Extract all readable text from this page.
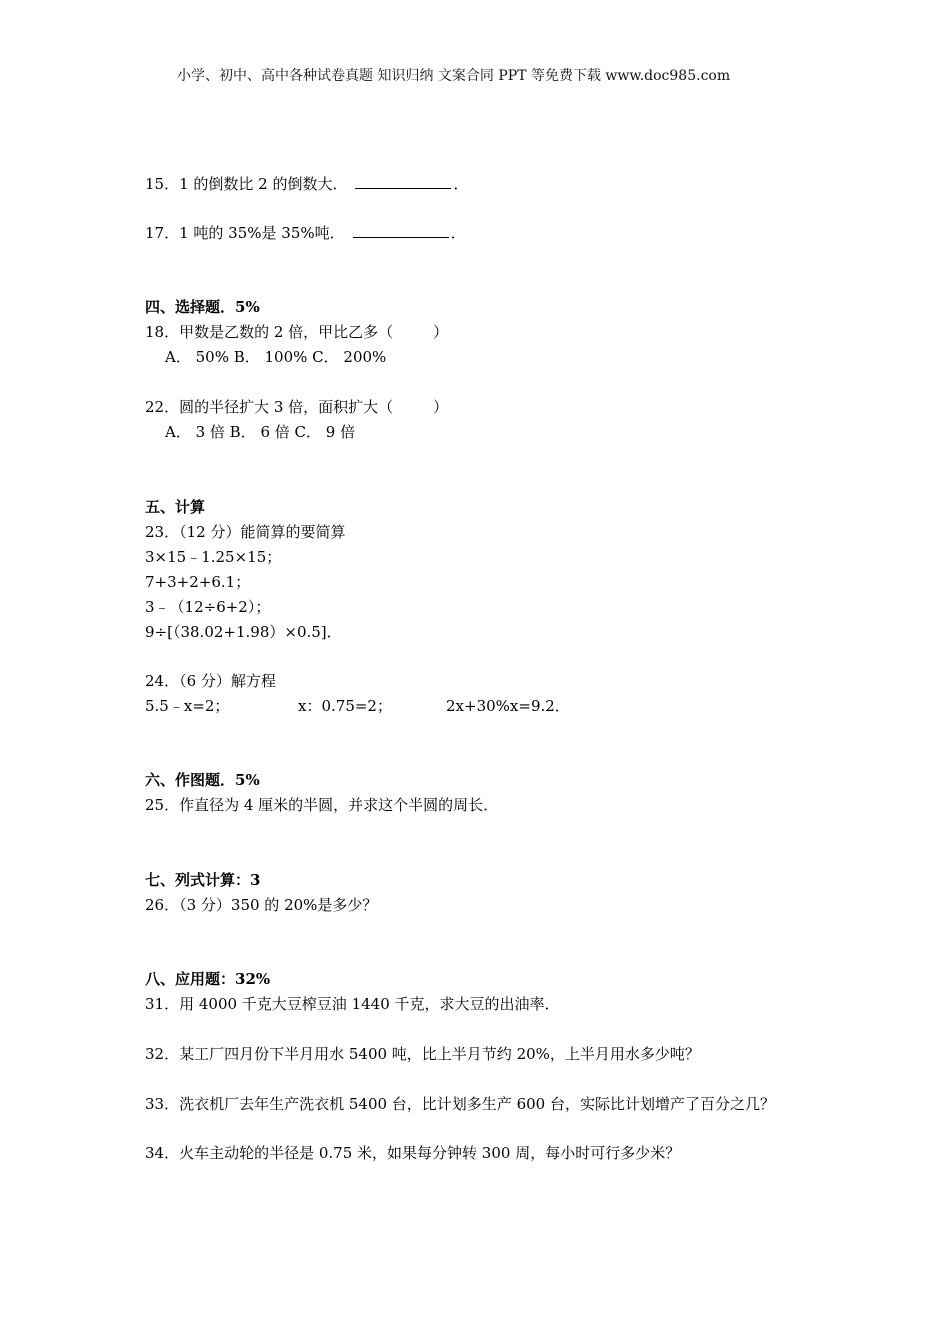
小学、初中、高中各种试卷真题 知识归纳 文案合同 PPT 等免费下载 www.doc985.com
15．1 的倒数比 2 的倒数大．	．
17．1 吨的 35%是 35%吨．	．
四、选择题．5%
18．甲数是乙数的 2 倍，甲比乙多（	）
A． 50% B． 100% C． 200%
22．圆的半径扩大 3 倍，面积扩大（	）
A． 3 倍 B． 6 倍 C． 9 倍
五、计算
23．（12 分）能简算的要简算
3×15﹣1.25×15；
7+3+2+6.1；
3﹣（12÷6+2）；
9÷[（38.02+1.98）×0.5]．
24．（6 分）解方程
5.5﹣x=2；	x：0.75=2；	2x+30%x=9.2．
六、作图题．5%
25．作直径为 4 厘米的半圆，并求这个半圆的周长．
七、列式计算：3
26．（3 分）350 的 20%是多少？
八、应用题：32%
31．用 4000 千克大豆榨豆油 1440 千克，求大豆的出油率．
32．某工厂四月份下半月用水 5400 吨，比上半月节约 20%，上半月用水多少吨？
33．洗衣机厂去年生产洗衣机 5400 台，比计划多生产 600 台，实际比计划增产了百分之几？
34．火车主动轮的半径是 0.75 米，如果每分钟转 300 周，每小时可行多少米？
